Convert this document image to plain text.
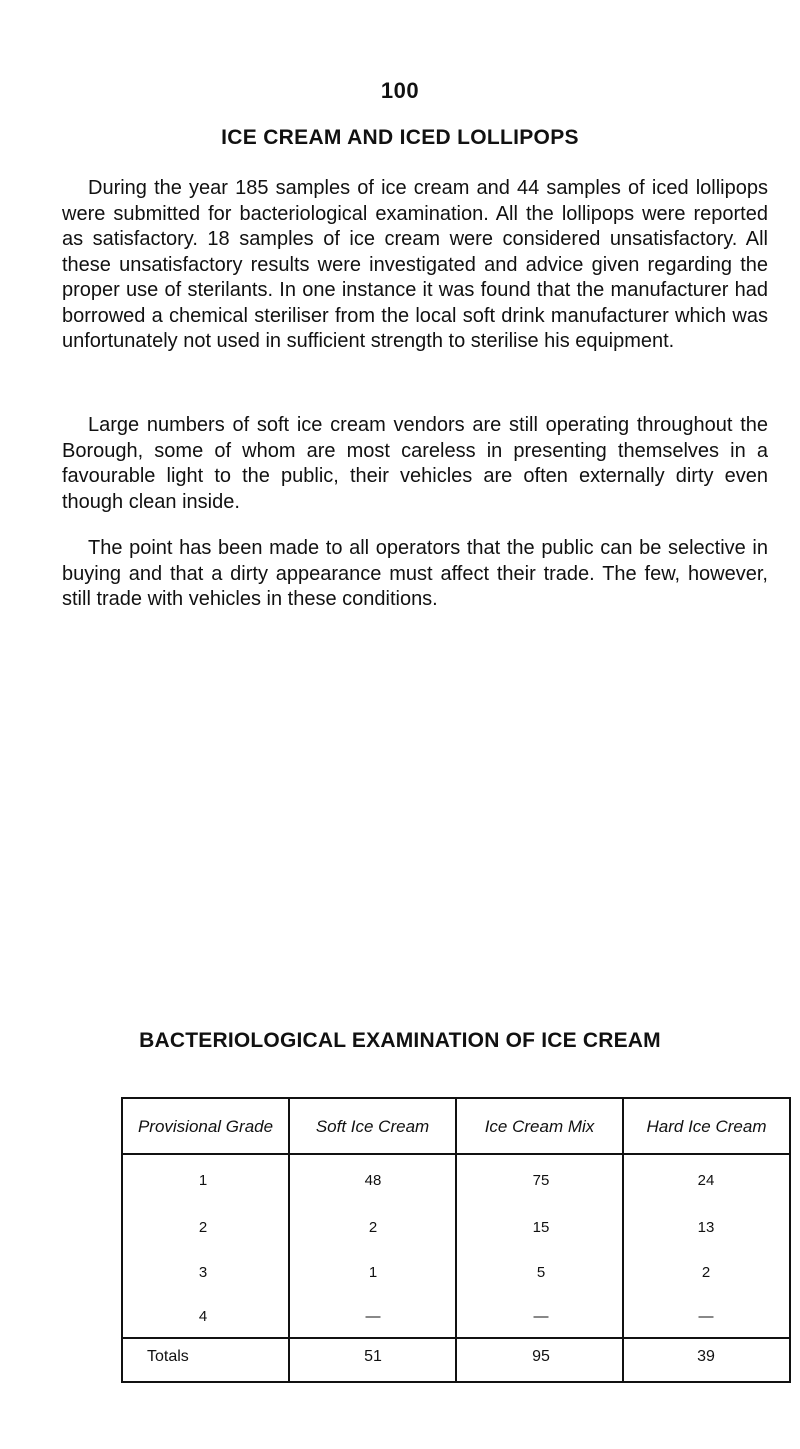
100
ICE CREAM AND ICED LOLLIPOPS

During the year 185 samples of ice cream and 44 samples of iced lollipops were submitted for bacteriological examination. All the lollipops were reported as satisfactory. 18 samples of ice cream were considered unsatisfactory. All these unsatisfactory results were investigated and advice given regarding the proper use of sterilants. In one instance it was found that the manufacturer had borrowed a chemical steriliser from the local soft drink manufacturer which was unfortunately not used in sufficient strength to sterilise his equipment.

Large numbers of soft ice cream vendors are still operating throughout the Borough, some of whom are most careless in presenting themselves in a favourable light to the public, their vehicles are often externally dirty even though clean inside.

The point has been made to all operators that the public can be selective in buying and that a dirty appearance must affect their trade. The few, however, still trade with vehicles in these conditions.

BACTERIOLOGICAL EXAMINATION OF ICE CREAM
Provisional Grade	Soft Ice Cream	Ice Cream Mix	Hard Ice Cream
1	48	75	24
2	2	15	13
3	1	5	2
4	—	—	—
Totals	51	95	39
